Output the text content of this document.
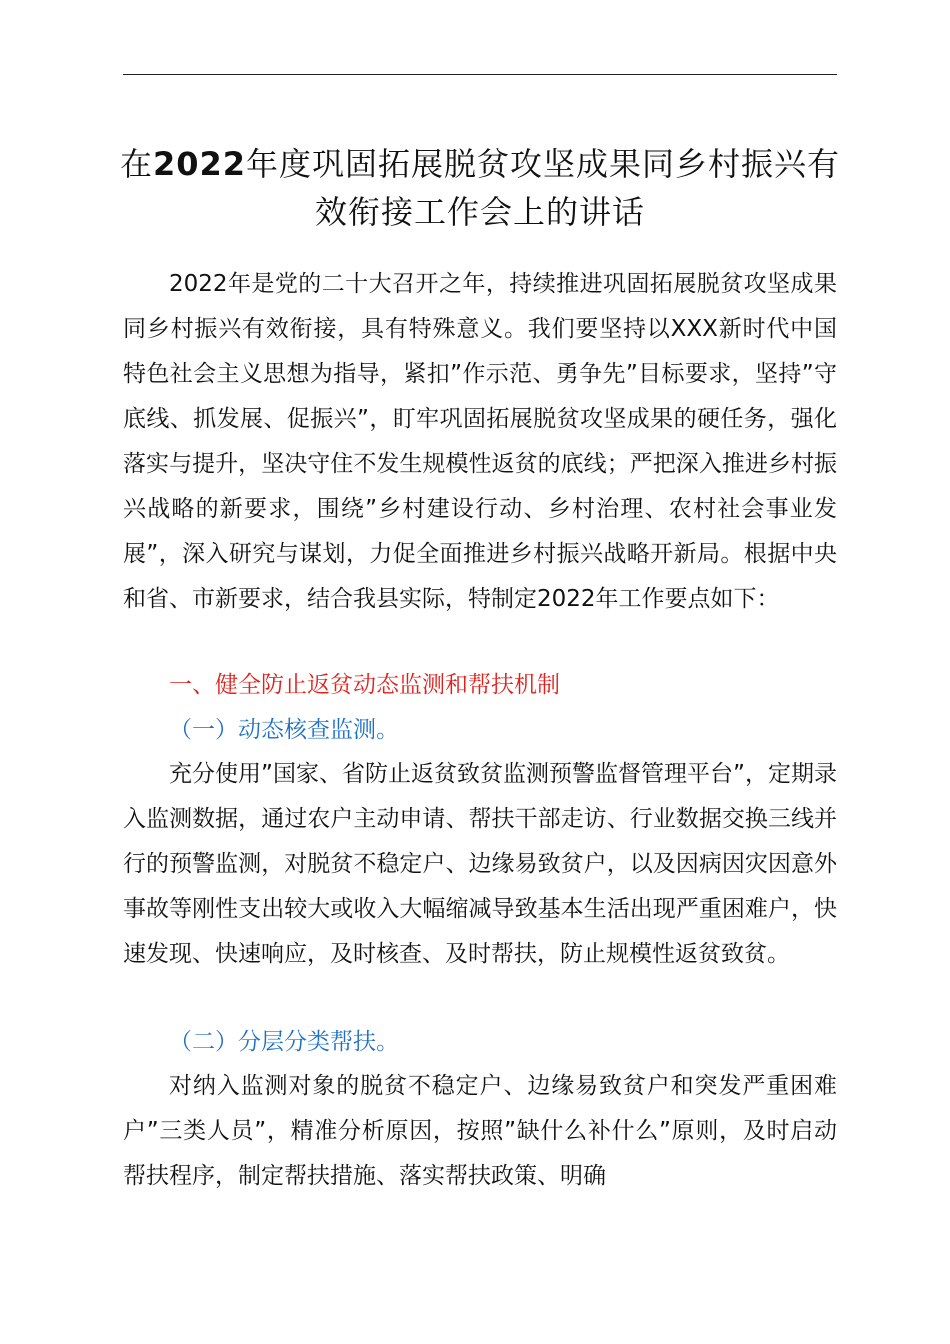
在2022年度巩固拓展脱贫攻坚成果同乡村振兴有效衔接工作会上的讲话
2022年是党的二十大召开之年，持续推进巩固拓展脱贫攻坚成果同乡村振兴有效衔接，具有特殊意义。我们要坚持以XXX新时代中国特色社会主义思想为指导，紧扣”作示范、勇争先”目标要求，坚持”守底线、抓发展、促振兴”，盯牢巩固拓展脱贫攻坚成果的硬任务，强化落实与提升，坚决守住不发生规模性返贫的底线；严把深入推进乡村振兴战略的新要求，围绕”乡村建设行动、乡村治理、农村社会事业发展”，深入研究与谋划，力促全面推进乡村振兴战略开新局。根据中央和省、市新要求，结合我县实际，特制定2022年工作要点如下：
一、健全防止返贫动态监测和帮扶机制
（一）动态核查监测。
充分使用”国家、省防止返贫致贫监测预警监督管理平台”，定期录入监测数据，通过农户主动申请、帮扶干部走访、行业数据交换三线并行的预警监测，对脱贫不稳定户、边缘易致贫户，以及因病因灾因意外事故等刚性支出较大或收入大幅缩减导致基本生活出现严重困难户，快速发现、快速响应，及时核查、及时帮扶，防止规模性返贫致贫。
（二）分层分类帮扶。
对纳入监测对象的脱贫不稳定户、边缘易致贫户和突发严重困难户”三类人员”，精准分析原因，按照”缺什么补什么”原则，及时启动帮扶程序，制定帮扶措施、落实帮扶政策、明确
